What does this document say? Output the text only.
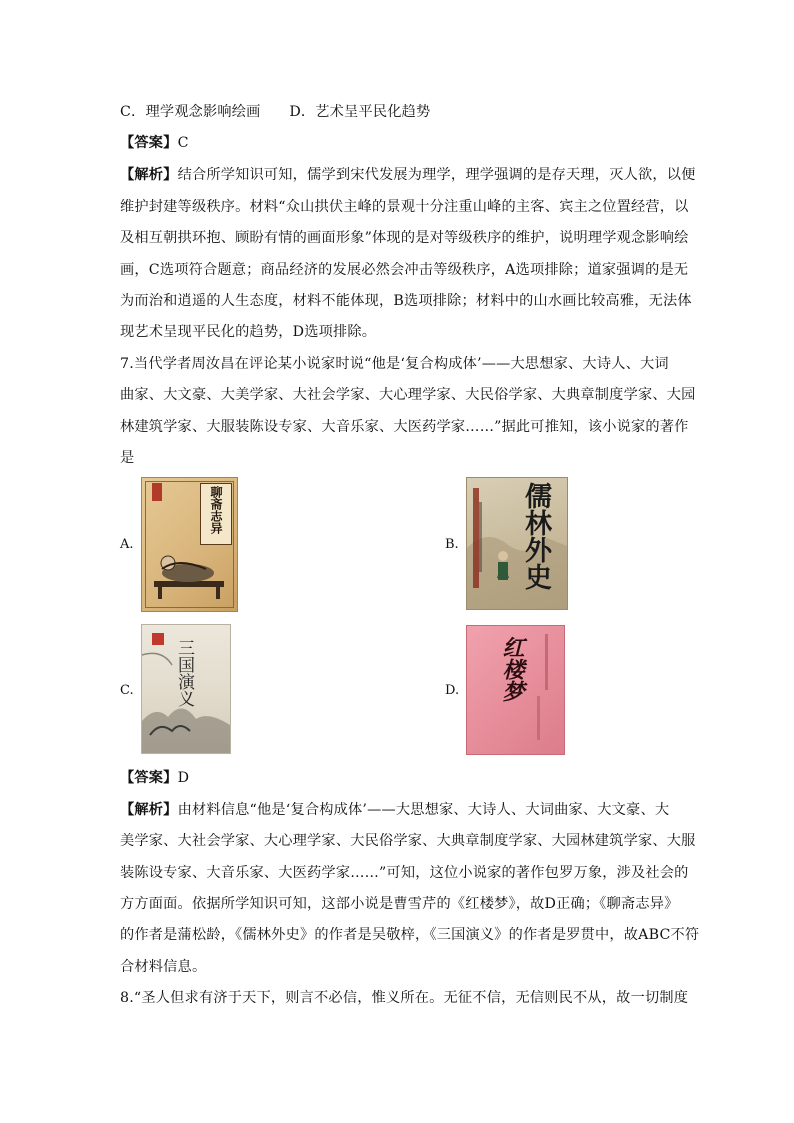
C．理学观念影响绘画　　D．艺术呈平民化趋势
【答案】C
【解析】结合所学知识可知，儒学到宋代发展为理学，理学强调的是存天理，灭人欲，以便
维护封建等级秩序。材料“众山拱伏主峰的景观十分注重山峰的主客、宾主之位置经营，以
及相互朝拱环抱、顾盼有情的画面形象”体现的是对等级秩序的维护，说明理学观念影响绘
画，C选项符合题意；商品经济的发展必然会冲击等级秩序，A选项排除；道家强调的是无
为而治和逍遥的人生态度，材料不能体现，B选项排除；材料中的山水画比较高雅，无法体
现艺术呈现平民化的趋势，D选项排除。
7.当代学者周汝昌在评论某小说家时说“他是‘复合构成体’——大思想家、大诗人、大词
曲家、大文豪、大美学家、大社会学家、大心理学家、大民俗学家、大典章制度学家、大园
林建筑学家、大服装陈设专家、大音乐家、大医药学家……”据此可推知，该小说家的著作
是
A.
聊斋志异
B. 儒林外史
C. 三国演义	D. 红楼梦
【答案】D
【解析】由材料信息“他是‘复合构成体’——大思想家、大诗人、大词曲家、大文豪、大
美学家、大社会学家、大心理学家、大民俗学家、大典章制度学家、大园林建筑学家、大服
装陈设专家、大音乐家、大医药学家……”可知，这位小说家的著作包罗万象，涉及社会的
方方面面。依据所学知识可知，这部小说是曹雪芹的《红楼梦》，故D正确；《聊斋志异》
的作者是蒲松龄，《儒林外史》的作者是吴敬梓，《三国演义》的作者是罗贯中，故ABC不符
合材料信息。
8.“圣人但求有济于天下，则言不必信，惟义所在。无征不信，无信则民不从，故一切制度
